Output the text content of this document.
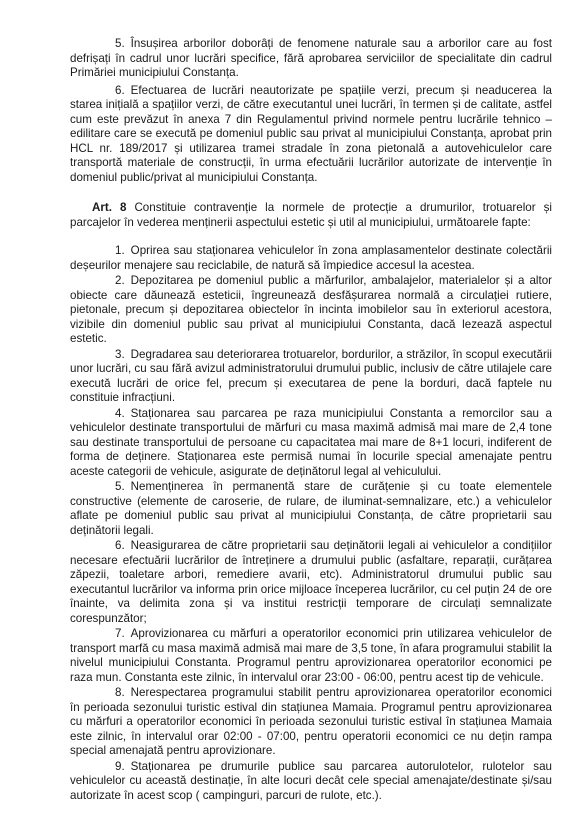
5. Însușirea arborilor doborâți de fenomene naturale sau a arborilor care au fost defrișați în cadrul unor lucrări specifice, fără aprobarea serviciilor de specialitate din cadrul Primăriei municipiului Constanța.

6. Efectuarea de lucrări neautorizate pe spațiile verzi, precum și neaducerea la starea inițială a spațiilor verzi, de către executantul unei lucrări, în termen și de calitate, astfel cum este prevăzut în anexa 7 din Regulamentul privind normele pentru lucrările tehnico – edilitare care se execută pe domeniul public sau privat al municipiului Constanța, aprobat prin HCL nr. 189/2017 și utilizarea tramei stradale în zona pietonală a autovehiculelor care transportă materiale de construcții, în urma efectuării lucrărilor autorizate de intervenție în domeniul public/privat al municipiului Constanța.

Art. 8 Constituie contravenție la normele de protecție a drumurilor, trotuarelor și parcajelor în vederea menținerii aspectului estetic și util al municipiului, următoarele fapte:

1. Oprirea sau staționarea vehiculelor în zona amplasamentelor destinate colectării deșeurilor menajere sau reciclabile, de natură să împiedice accesul la acestea.

2. Depozitarea pe domeniul public a mărfurilor, ambalajelor, materialelor și a altor obiecte care dăunează esteticii, îngreunează desfășurarea normală a circulației rutiere, pietonale, precum și depozitarea obiectelor în incinta imobilelor sau în exteriorul acestora, vizibile din domeniul public sau privat al municipiului Constanta, dacă lezează aspectul estetic.

3. Degradarea sau deteriorarea trotuarelor, bordurilor, a străzilor, în scopul executării unor lucrări, cu sau fără avizul administratorului drumului public, inclusiv de către utilajele care execută lucrări de orice fel, precum și executarea de pene la borduri, dacă faptele nu constituie infracțiuni.

4. Staționarea sau parcarea pe raza municipiului Constanta a remorcilor sau a vehiculelor destinate transportului de mărfuri cu masa maximă admisă mai mare de 2,4 tone sau destinate transportului de persoane cu capacitatea mai mare de 8+1 locuri, indiferent de forma de deținere. Staționarea este permisă numai în locurile special amenajate pentru aceste categorii de vehicule, asigurate de deținătorul legal al vehiculului.

5. Nemenținerea în permanentă stare de curățenie și cu toate elementele constructive (elemente de caroserie, de rulare, de iluminat-semnalizare, etc.) a vehiculelor aflate pe domeniul public sau privat al municipiului Constanța, de către proprietarii sau deținătorii legali.

6. Neasigurarea de către proprietarii sau deținătorii legali ai vehiculelor a condițiilor necesare efectuării lucrărilor de întreținere a drumului public (asfaltare, reparații, curățarea zăpezii, toaletare arbori, remediere avarii, etc). Administratorul drumului public sau executantul lucrărilor va informa prin orice mijloace începerea lucrărilor, cu cel puțin 24 de ore înainte, va delimita zona și va institui restricții temporare de circulați semnalizate corespunzător;

7. Aprovizionarea cu mărfuri a operatorilor economici prin utilizarea vehiculelor de transport marfă cu masa maximă admisă mai mare de 3,5 tone, în afara programului stabilit la nivelul municipiului Constanta. Programul pentru aprovizionarea operatorilor economici pe raza mun. Constanta este zilnic, în intervalul orar 23:00 - 06:00, pentru acest tip de vehicule.

8. Nerespectarea programului stabilit pentru aprovizionarea operatorilor economici în perioada sezonului turistic estival din stațiunea Mamaia. Programul pentru aprovizionarea cu mărfuri a operatorilor economici în perioada sezonului turistic estival în stațiunea Mamaia este zilnic, în intervalul orar 02:00 - 07:00, pentru operatorii economici ce nu dețin rampa special amenajată pentru aprovizionare.

9. Staționarea pe drumurile publice sau parcarea autorulotelor, rulotelor sau vehiculelor cu această destinație, în alte locuri decât cele special amenajate/destinate și/sau autorizate în acest scop ( campinguri, parcuri de rulote, etc.).
